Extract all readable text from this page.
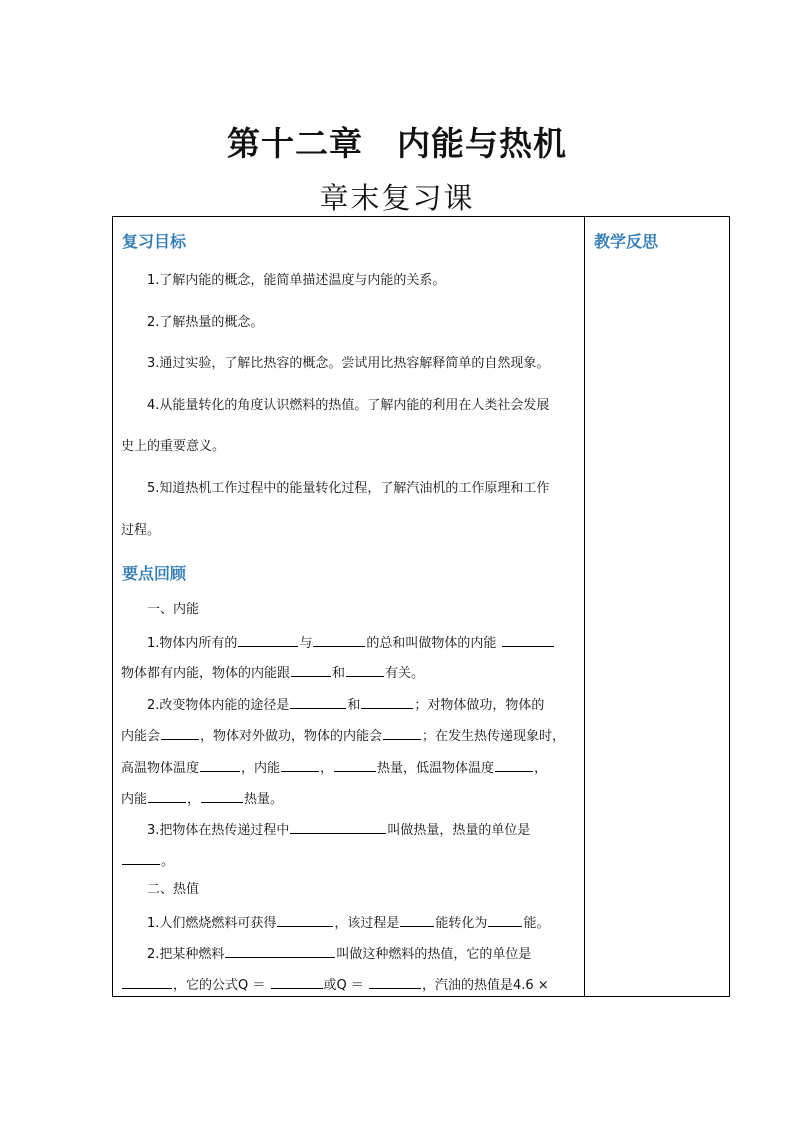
第十二章　内能与热机
章末复习课
复习目标
1.了解内能的概念，能简单描述温度与内能的关系。
2.了解热量的概念。
3.通过实验，了解比热容的概念。尝试用比热容解释简单的自然现象。
4.从能量转化的角度认识燃料的热值。了解内能的利用在人类社会发展
史上的重要意义。
5.知道热机工作过程中的能量转化过程，了解汽油机的工作原理和工作
过程。
要点回顾
一、内能
1.物体内所有的	与	的总和叫做物体的内能
物体都有内能，物体的内能跟	和	有关。
2.改变物体内能的途径是	和	；对物体做功，物体的
内能会	，物体对外做功，物体的内能会	；在发生热传递现象时，
高温物体温度	，内能	，	热量，低温物体温度	，
内能	，	热量。
3.把物体在热传递过程中	叫做热量，热量的单位是
。
二、热值
1.人们燃烧燃料可获得	，该过程是	能转化为	能。
2.把某种燃料	叫做这种燃料的热值，它的单位是
，它的公式Q ＝	或Q ＝	，汽油的热值是4.6 ×
教学反思
